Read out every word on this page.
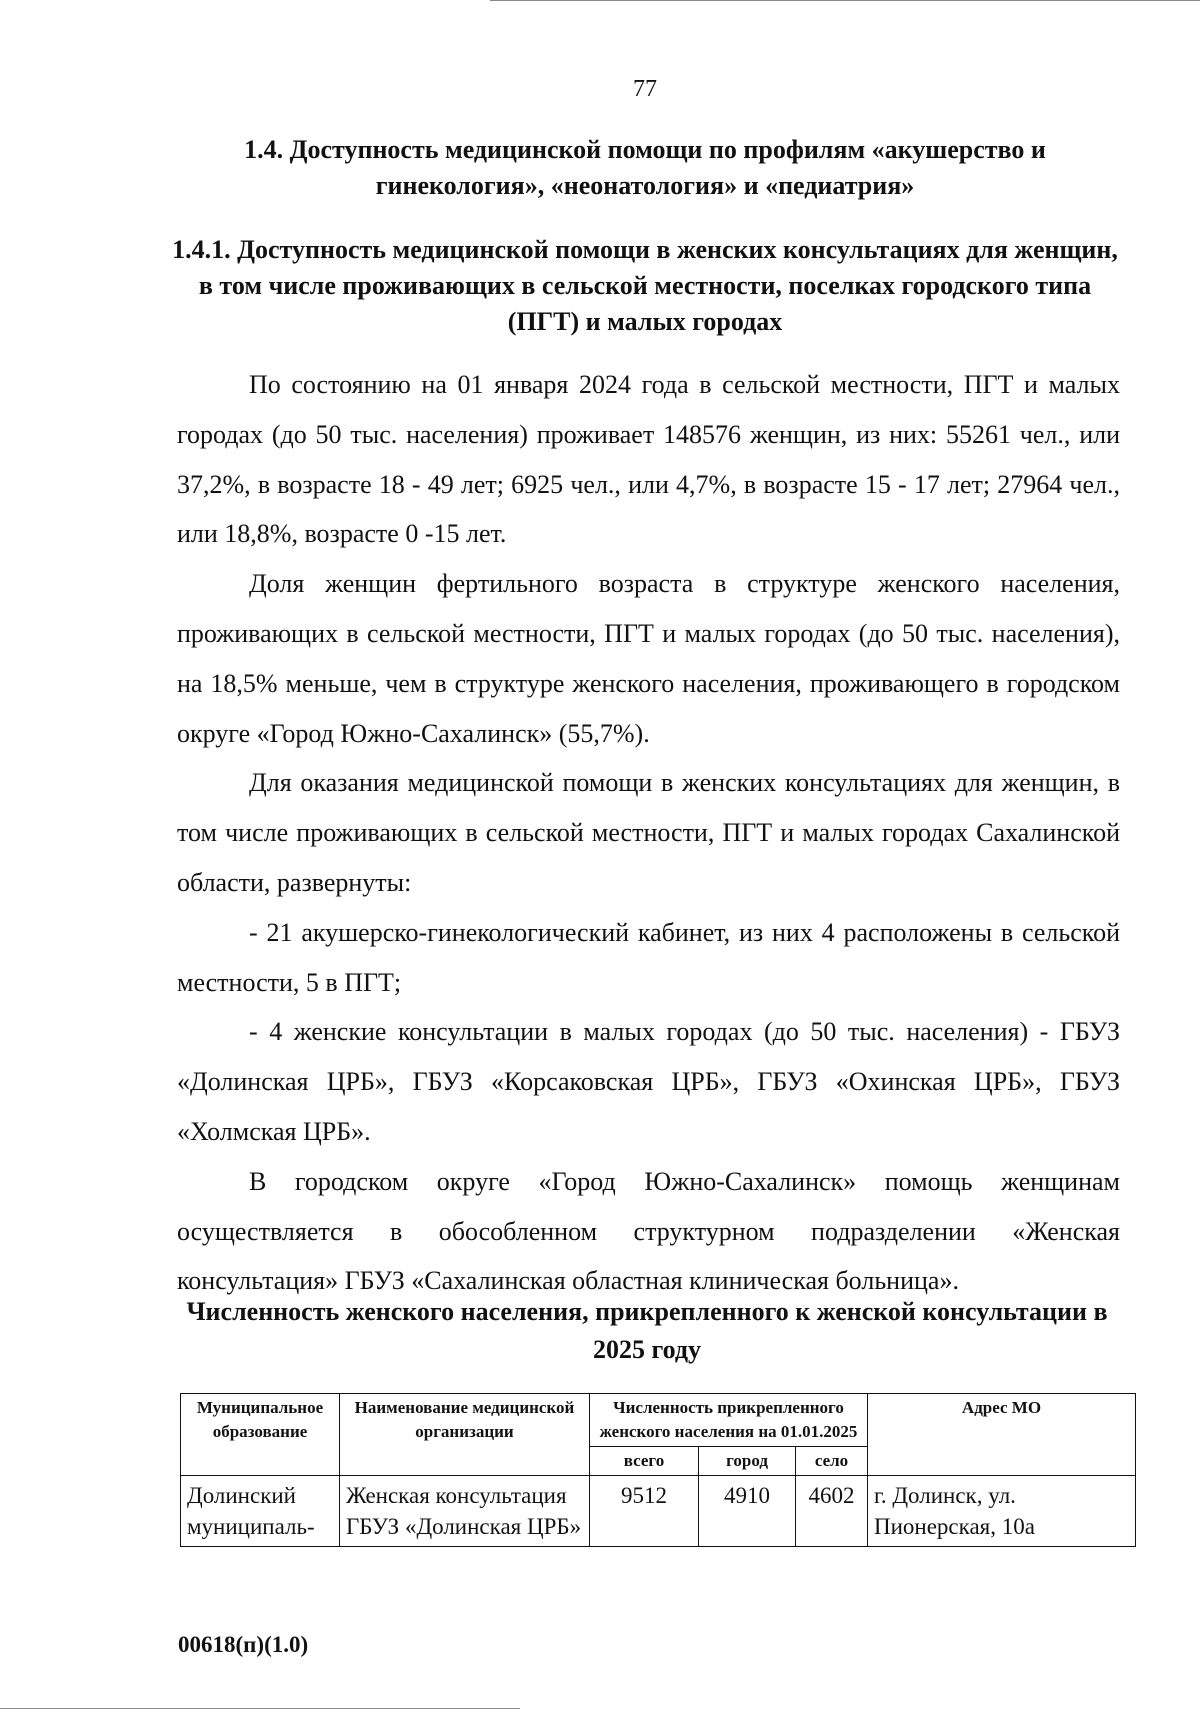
77
1.4. Доступность медицинской помощи по профилям «акушерство и гинекология», «неонатология» и «педиатрия»
1.4.1. Доступность медицинской помощи в женских консультациях для женщин, в том числе проживающих в сельской местности, поселках городского типа (ПГТ) и малых городах

По состоянию на 01 января 2024 года в сельской местности, ПГТ и малых городах (до 50 тыс. населения) проживает 148576 женщин, из них: 55261 чел., или 37,2%, в возрасте 18 - 49 лет; 6925 чел., или 4,7%, в возрасте 15 - 17 лет; 27964 чел., или 18,8%, возрасте 0 -15 лет.

Доля женщин фертильного возраста в структуре женского населения, проживающих в сельской местности, ПГТ и малых городах (до 50 тыс. населения), на 18,5% меньше, чем в структуре женского населения, проживающего в городском округе «Город Южно-Сахалинск» (55,7%).

Для оказания медицинской помощи в женских консультациях для женщин, в том числе проживающих в сельской местности, ПГТ и малых городах Сахалинской области, развернуты:

- 21 акушерско-гинекологический кабинет, из них 4 расположены в сельской местности, 5 в ПГТ;

- 4 женские консультации в малых городах (до 50 тыс. населения) - ГБУЗ «Долинская ЦРБ», ГБУЗ «Корсаковская ЦРБ», ГБУЗ «Охинская ЦРБ», ГБУЗ «Холмская ЦРБ».

В городском округе «Город Южно-Сахалинск» помощь женщинам осуществляется в обособленном структурном подразделении «Женская консультация» ГБУЗ «Сахалинская областная клиническая больница».

Численность женского населения, прикрепленного к женской консультации в 2025 году
Муниципальное образование	Наименование медицинской организации	Численность прикрепленного женского населения на 01.01.2025			Адрес МО
		всего	город	село	
Долинский муниципаль-	Женская консультация ГБУЗ «Долинская ЦРБ»	9512	4910	4602	г. Долинск, ул. Пионерская, 10а
00618(п)(1.0)
